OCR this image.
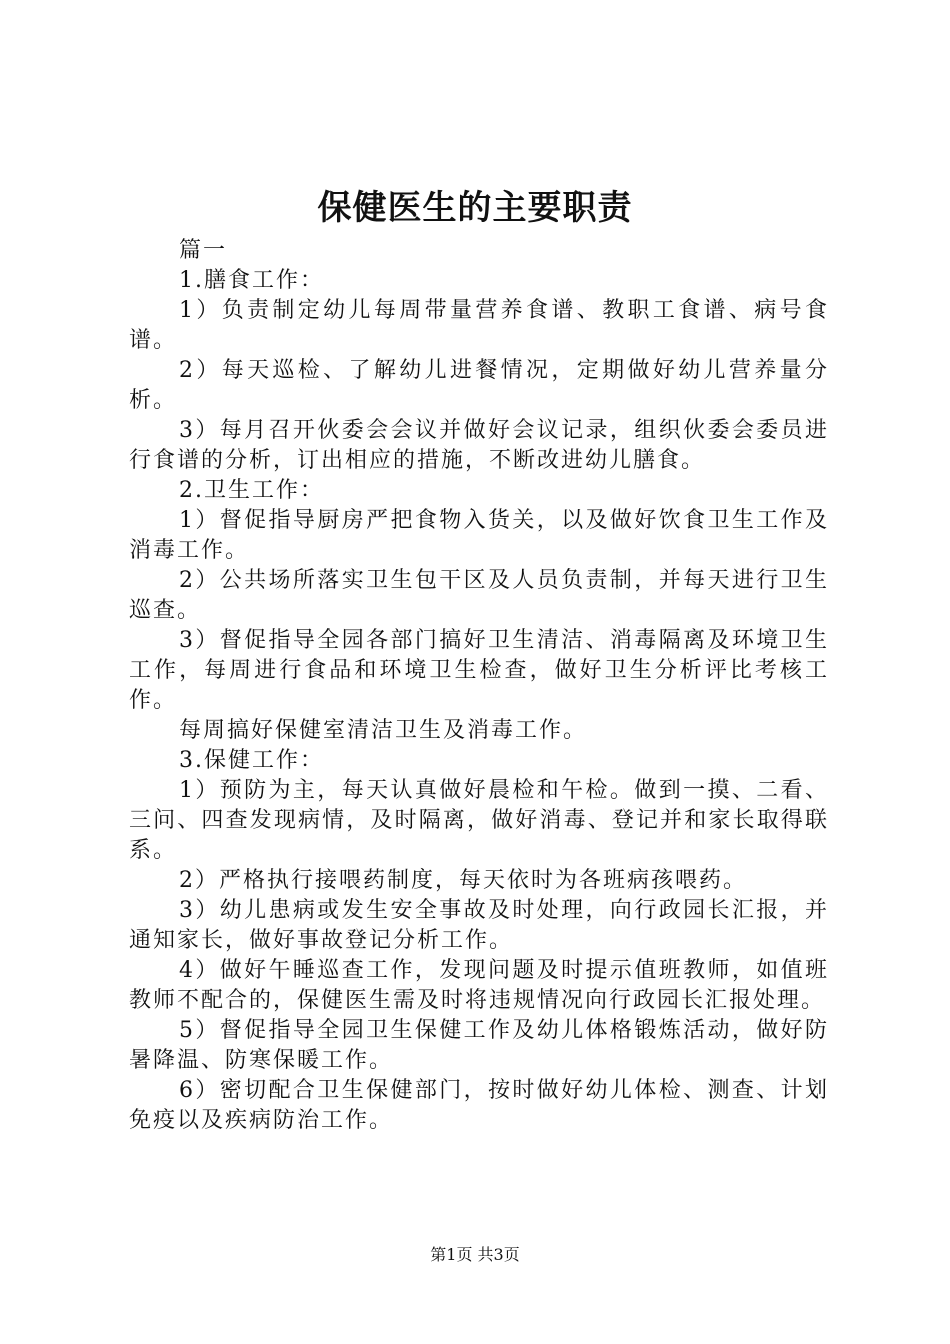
保健医生的主要职责

篇一

1.膳食工作：

1）负责制定幼儿每周带量营养食谱、教职工食谱、病号食谱。

2）每天巡检、了解幼儿进餐情况，定期做好幼儿营养量分析。

3）每月召开伙委会会议并做好会议记录，组织伙委会委员进行食谱的分析，订出相应的措施，不断改进幼儿膳食。

2.卫生工作：

1）督促指导厨房严把食物入货关，以及做好饮食卫生工作及消毒工作。

2）公共场所落实卫生包干区及人员负责制，并每天进行卫生巡查。

3）督促指导全园各部门搞好卫生清洁、消毒隔离及环境卫生工作，每周进行食品和环境卫生检查，做好卫生分析评比考核工作。

每周搞好保健室清洁卫生及消毒工作。

3.保健工作：

1）预防为主，每天认真做好晨检和午检。做到一摸、二看、三问、四查发现病情，及时隔离，做好消毒、登记并和家长取得联系。

2）严格执行接喂药制度，每天依时为各班病孩喂药。

3）幼儿患病或发生安全事故及时处理，向行政园长汇报，并通知家长，做好事故登记分析工作。

4）做好午睡巡查工作，发现问题及时提示值班教师，如值班教师不配合的，保健医生需及时将违规情况向行政园长汇报处理。

5）督促指导全园卫生保健工作及幼儿体格锻炼活动，做好防暑降温、防寒保暖工作。

6）密切配合卫生保健部门，按时做好幼儿体检、测查、计划免疫以及疾病防治工作。

第1页 共3页
